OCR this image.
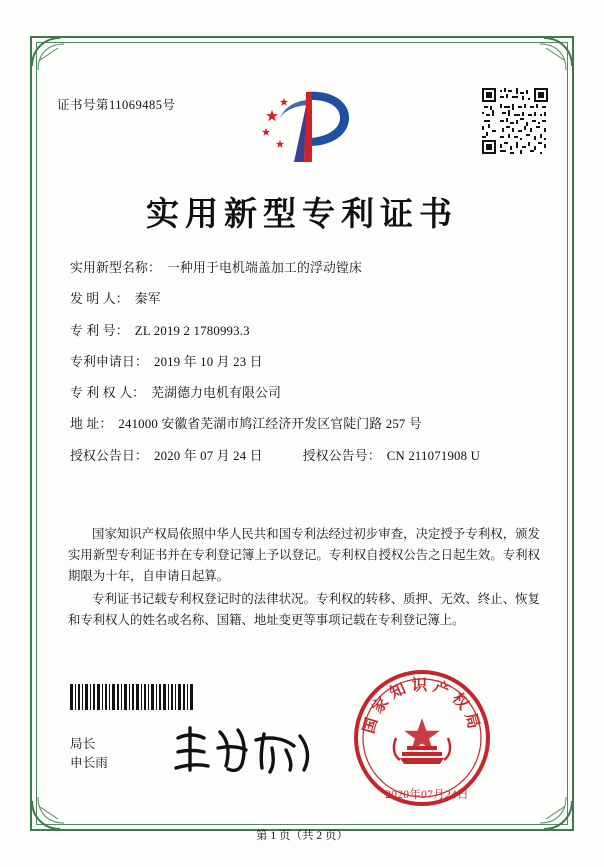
证书号第11069485号
实用新型专利证书
实用新型名称： 一种用于电机端盖加工的浮动镗床
发 明 人： 秦军
专 利 号： ZL 2019 2 1780993.3
专利申请日： 2019 年 10 月 23 日
专 利 权 人： 芜湖德力电机有限公司
地 址： 241000 安徽省芜湖市鸠江经济开发区官陡门路 257 号
授权公告日： 2020 年 07 月 24 日	授权公告号： CN 211071908 U

国家知识产权局依照中华人民共和国专利法经过初步审查，决定授予专利权，颁发实用新型专利证书并在专利登记簿上予以登记。专利权自授权公告之日起生效。专利权期限为十年，自申请日起算。

专利证书记载专利权登记时的法律状况。专利权的转移、质押、无效、终止、恢复和专利权人的姓名或名称、国籍、地址变更等事项记载在专利登记簿上。

国家知识产权局
2020年07月24日
局长
申长雨
第 1 页（共 2 页）
